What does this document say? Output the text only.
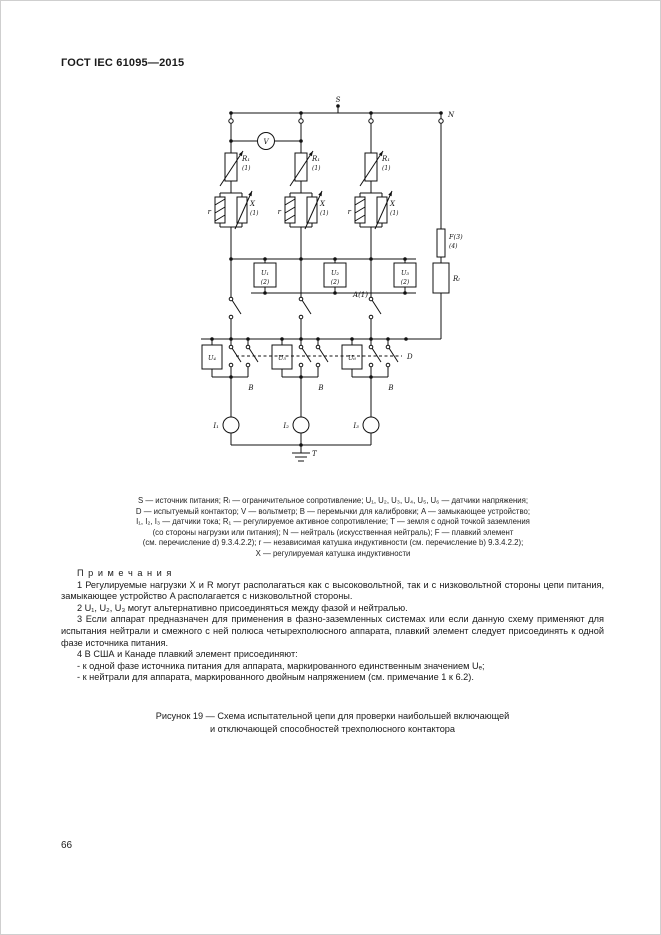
ГОСТ IEC 61095—2015
S
N
V
R₁
(1)
R₁
(1)
R₁
(1)
r	r	r
X
(1)
X
(1)
X
(1)
U₁
(2)
U₂
(2)
U₃
(2)
A(1)
U₄	U₅	U₆
B	B	B
D
F(3)
(4)
Rₗ
I₁	I₂	I₃
T
S — источник питания; Rₗ — ограничительное сопротивление; U₁, U₂, U₃, U₄, U₅, U₆ — датчики напряжения;
D — испытуемый контактор; V — вольтметр; B — перемычки для калибровки; A — замыкающее устройство;
I₁, I₂, I₃ — датчики тока; R₁ — регулируемое активное сопротивление; T — земля с одной точкой заземления
(со стороны нагрузки или питания); N — нейтраль (искусственная нейтраль); F — плавкий элемент
(см. перечисление d) 9.3.4.2.2); r — независимая катушка индуктивности (см. перечисление b) 9.3.4.2.2);
X — регулируемая катушка индуктивности

П р и м е ч а н и я

1 Регулируемые нагрузки X и R могут располагаться как с высоковольтной, так и с низковольтной стороны цепи питания, замыкающее устройство A располагается с низковольтной стороны.

2 U₁, U₂, U₃ могут альтернативно присоединяться между фазой и нейтралью.

3 Если аппарат предназначен для применения в фазно-заземленных системах или если данную схему применяют для испытания нейтрали и смежного с ней полюса четырехполюсного аппарата, плавкий элемент следует присоединять к одной фазе источника питания.

4 В США и Канаде плавкий элемент присоединяют:

- к одной фазе источника питания для аппарата, маркированного единственным значением Uₑ;

- к нейтрали для аппарата, маркированного двойным напряжением (см. примечание 1 к 6.2).

Рисунок 19 — Схема испытательной цепи для проверки наибольшей включающей
и отключающей способностей трехполюсного контактора
66
